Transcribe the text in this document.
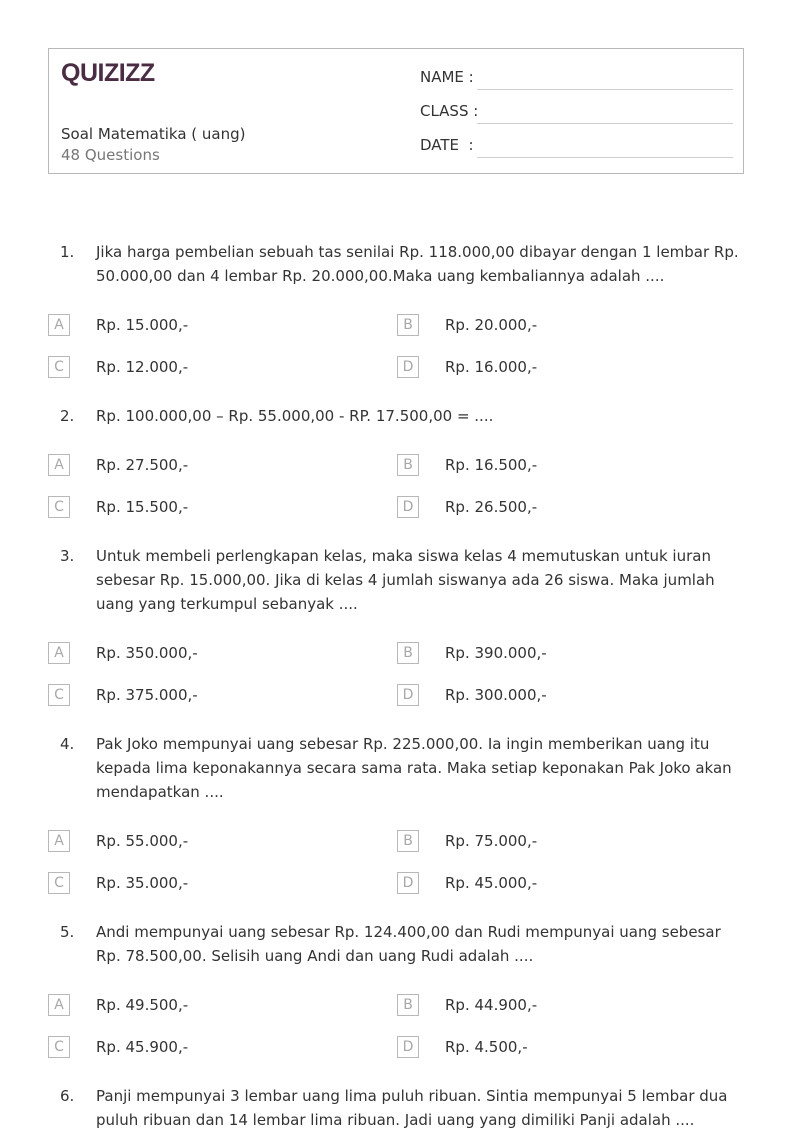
QUIZIZZ
Soal Matematika ( uang)
48 Questions
NAME :
CLASS :
DATE  :
1. Jika harga pembelian sebuah tas senilai Rp. 118.000,00 dibayar dengan 1 lembar Rp. 50.000,00 dan 4 lembar Rp. 20.000,00.Maka uang kembaliannya adalah ....
A	Rp. 15.000,-	B	Rp. 20.000,-
C	Rp. 12.000,-	D	Rp. 16.000,-
2. Rp. 100.000,00 – Rp. 55.000,00 - RP. 17.500,00 = ....
A	Rp. 27.500,-	B	Rp. 16.500,-
C	Rp. 15.500,-	D	Rp. 26.500,-
3. Untuk membeli perlengkapan kelas, maka siswa kelas 4 memutuskan untuk iuran sebesar Rp. 15.000,00. Jika di kelas 4 jumlah siswanya ada 26 siswa. Maka jumlah uang yang terkumpul sebanyak ....
A	Rp. 350.000,-	B	Rp. 390.000,-
C	Rp. 375.000,-	D	Rp. 300.000,-
4. Pak Joko mempunyai uang sebesar Rp. 225.000,00. Ia ingin memberikan uang itu kepada lima keponakannya secara sama rata. Maka setiap keponakan Pak Joko akan mendapatkan ....
A	Rp. 55.000,-	B	Rp. 75.000,-
C	Rp. 35.000,-	D	Rp. 45.000,-
5. Andi mempunyai uang sebesar Rp. 124.400,00 dan Rudi mempunyai uang sebesar Rp. 78.500,00. Selisih uang Andi dan uang Rudi adalah ....
A	Rp. 49.500,-	B	Rp. 44.900,-
C	Rp. 45.900,-	D	Rp. 4.500,-
6. Panji mempunyai 3 lembar uang lima puluh ribuan. Sintia mempunyai 5 lembar dua puluh ribuan dan 14 lembar lima ribuan. Jadi uang yang dimiliki Panji adalah ....
